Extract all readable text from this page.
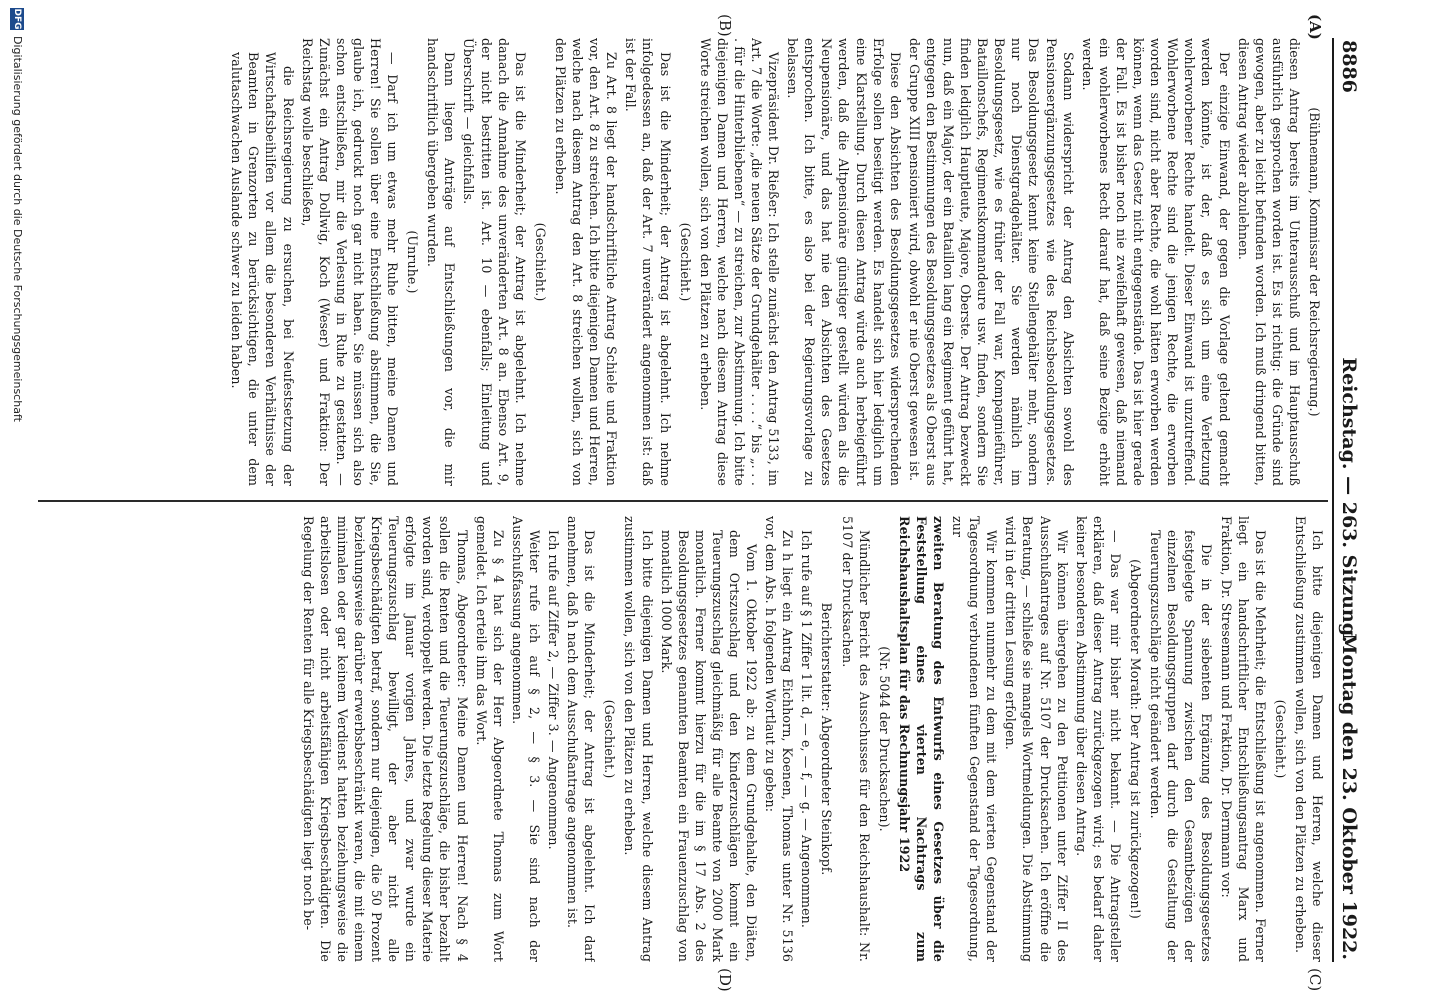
8886
Reichstag. — 263. Sitzung.
Montag den 23. Oktober 1922.
(A)
(B)
(C)
(D)

(Bühnemann, Kommissar der Reichsregierung.)

diesen Antrag bereits im Unterausschuß und im Hauptausschuß ausführlich gesprochen worden ist. Es ist richtig: die Gründe sind gewogen, aber zu leicht befunden worden. Ich muß dringend bitten, diesen Antrag wieder abzulehnen.

Der einzige Einwand, der gegen die Vorlage geltend gemacht werden könnte, ist der, daß es sich um eine Verletzung wohlerworbener Rechte handelt. Dieser Einwand ist unzutreffend. Wohlerworbene Rechte sind die jenigen Rechte, die erworben worden sind, nicht aber Rechte, die wohl hätten erworben werden können, wenn das Gesetz nicht entgegenstände. Das ist hier gerade der Fall. Es ist bisher noch nie zweifelhaft gewesen, daß niemand ein wohlerworbenes Recht darauf hat, daß seine Bezüge erhöht werden.

Sodann widerspricht der Antrag den Absichten sowohl des Pensionsergänzungsgesetzes wie des Reichsbesoldungsgesetzes. Das Besoldungsgesetz kennt keine Stellengehälter mehr, sondern nur noch Dienstgradgehälter. Sie werden nämlich im Besoldungsgesetz, wie es früher der Fall war, Kompagnieführer, Bataillonschefs, Regimentskommandeure usw. finden, sondern Sie finden lediglich Hauptleute, Majore, Oberste. Der Antrag bezweckt nun, daß ein Major, der ein Bataillon lang ein Regiment geführt hat, entgegen den Bestimmungen des Besoldungsgesetzes als Oberst aus der Gruppe XIII pensioniert wird, obwohl er nie Oberst gewesen ist.

Diese den Absichten des Besoldungsgesetzes widersprechenden Erfolge sollen beseitigt werden. Es handelt sich hier lediglich um eine Klarstellung. Durch diesen Antrag würde auch herbeigeführt werden, daß die Altpensionäre günstiger gestellt würden als die Neupensionäre, und das hat nie den Absichten des Gesetzes entsprochen. Ich bitte, es also bei der Regierungsvorlage zu belassen.

Vizepräsident Dr. Rießer: Ich stelle zunächst den Antrag 5133, im Art. 7 die Worte: „die neuen Sätze der Grundgehälter . . . .“ bis „. . . . für die Hinterbliebenen“ — zu streichen, zur Abstimmung. Ich bitte diejenigen Damen und Herren, welche nach diesem Antrag diese Worte streichen wollen, sich von den Plätzen zu erheben.

(Geschieht.)

Das ist die Minderheit; der Antrag ist abgelehnt. Ich nehme infolgedessen an, daß der Art. 7 unverändert angenommen ist: daß ist der Fall.

Zu Art. 8 liegt der handschriftliche Antrag Schiele und Fraktion vor, den Art. 8 zu streichen. Ich bitte diejenigen Damen und Herren, welche nach diesem Antrag den Art. 8 streichen wollen, sich von den Plätzen zu erheben.

(Geschieht.)

Das ist die Minderheit; der Antrag ist abgelehnt. Ich nehme danach die Annahme des unveränderten Art. 8 an. Ebenso Art. 9, der nicht bestritten ist. Art. 10 — ebenfalls; Einleitung und Überschrift — gleichfalls.

Dann liegen Anträge auf Entschließungen vor, die mir handschriftlich übergeben wurden.

(Unruhe.)

— Darf ich um etwas mehr Ruhe bitten, meine Damen und Herren! Sie sollen über eine Entschließung abstimmen, die Sie, glaube ich, gedruckt noch gar nicht haben. Sie müssen sich also schon entschließen, mir die Verlesung in Ruhe zu gestatten. — Zunächst ein Antrag Dollwig, Koch (Weser) und Fraktion: Der Reichstag wolle beschließen,

die Reichsregierung zu ersuchen, bei Neufestsetzung der Wirtschaftsbeihilfen vor allem die besonderen Verhältnisse der Beamten in Grenzorten zu berücksichtigen, die unter dem valutaschwachen Auslande schwer zu leiden haben.

Ich bitte diejenigen Damen und Herren, welche dieser Entschließung zustimmen wollen, sich von den Plätzen zu erheben.

(Geschieht.)

Das ist die Mehrheit; die Entschließung ist angenommen. Ferner liegt ein handschriftlicher Entschließungsantrag Marx und Fraktion, Dr. Stresemann und Fraktion, Dr. Dernmann vor:

Die in der siebenten Ergänzung des Besoldungsgesetzes festgelegte Spannung zwischen den Gesamtbezügen der einzelnen Besoldungsgruppen darf durch die Gestaltung der Teuerungszuschläge nicht geändert werden.

(Abgeordneter Morath: Der Antrag ist zurückgezogen!)

— Das war mir bisher nicht bekannt. — Die Antragsteller erklären, daß dieser Antrag zurückgezogen wird; es bedarf daher keiner besonderen Abstimmung über diesen Antrag.

Wir können übergehen zu den Petitionen unter Ziffer II des Ausschußantrages auf Nr. 5107 der Drucksachen. Ich eröffne die Beratung, — schließe sie mangels Wortmeldungen. Die Abstimmung wird in der dritten Lesung erfolgen.

Wir kommen nunmehr zu dem mit dem vierten Gegenstand der Tagesordnung verbundenen fünften Gegenstand der Tagesordnung, zur

zweiten Beratung des Entwurfs eines Gesetzes über die Feststellung eines vierten Nachtrags zum Reichshaushaltsplan für das Rechnungsjahr 1922

(Nr. 5044 der Drucksachen).

Mündlicher Bericht des Ausschusses für den Reichshaushalt: Nr. 5107 der Drucksachen.

Berichterstatter: Abgeordneter Steinkopf.

Ich rufe auf § 1 Ziffer 1 lit. d, — e, — f, — g. — Angenommen.

Zu h liegt ein Antrag Eichhorn, Koenen, Thomas unter Nr. 5136 vor, dem Abs. h folgenden Wortlaut zu geben:

Vom 1. Oktober 1922 ab: zu dem Grundgehalte, den Diäten, dem Ortszuschlag und den Kinderzuschlägen kommt ein Teuerungszuschlag gleichmäßig für alle Beamte von 2000 Mark monatlich. Ferner kommt hierzu für die im § 17 Abs. 2 des Besoldungsgesetzes genannten Beamten ein Frauenzuschlag von monatlich 1000 Mark.

Ich bitte diejenigen Damen und Herren, welche diesem Antrag zustimmen wollen, sich von den Plätzen zu erheben.

(Geschieht.)

Das ist die Minderheit; der Antrag ist abgelehnt. Ich darf annehmen, daß h nach dem Ausschußantrage angenommen ist.

Ich rufe auf Ziffer 2, — Ziffer 3. — Angenommen.

Weiter rufe ich auf § 2, — § 3. — Sie sind nach der Ausschußfassung angenommen.

Zu § 4 hat sich der Herr Abgeordnete Thomas zum Wort gemeldet. Ich erteile ihm das Wort.

Thomas, Abgeordneter: Meine Damen und Herren! Nach § 4 sollen die Renten und die Teuerungszuschläge, die bisher bezahlt worden sind, verdoppelt werden. Die letzte Regelung dieser Materie erfolgte im Januar vorigen Jahres, und zwar wurde ein Teuerungszuschlag bewilligt, der aber nicht alle Kriegsbeschädigten betraf, sondern nur diejenigen, die 50 Prozent beziehungsweise darüber erwerbsbeschränkt waren, die mit einem minimalen oder gar keinem Verdienst hatten beziehungsweise die arbeitslosen oder nicht arbeitsfähigen Kriegsbeschädigten. Die Regelung der Renten für alle Kriegsbeschädigten liegt noch be-

DFG
Digitalisierung gefördert durch die Deutsche Forschungsgemeinschaft
